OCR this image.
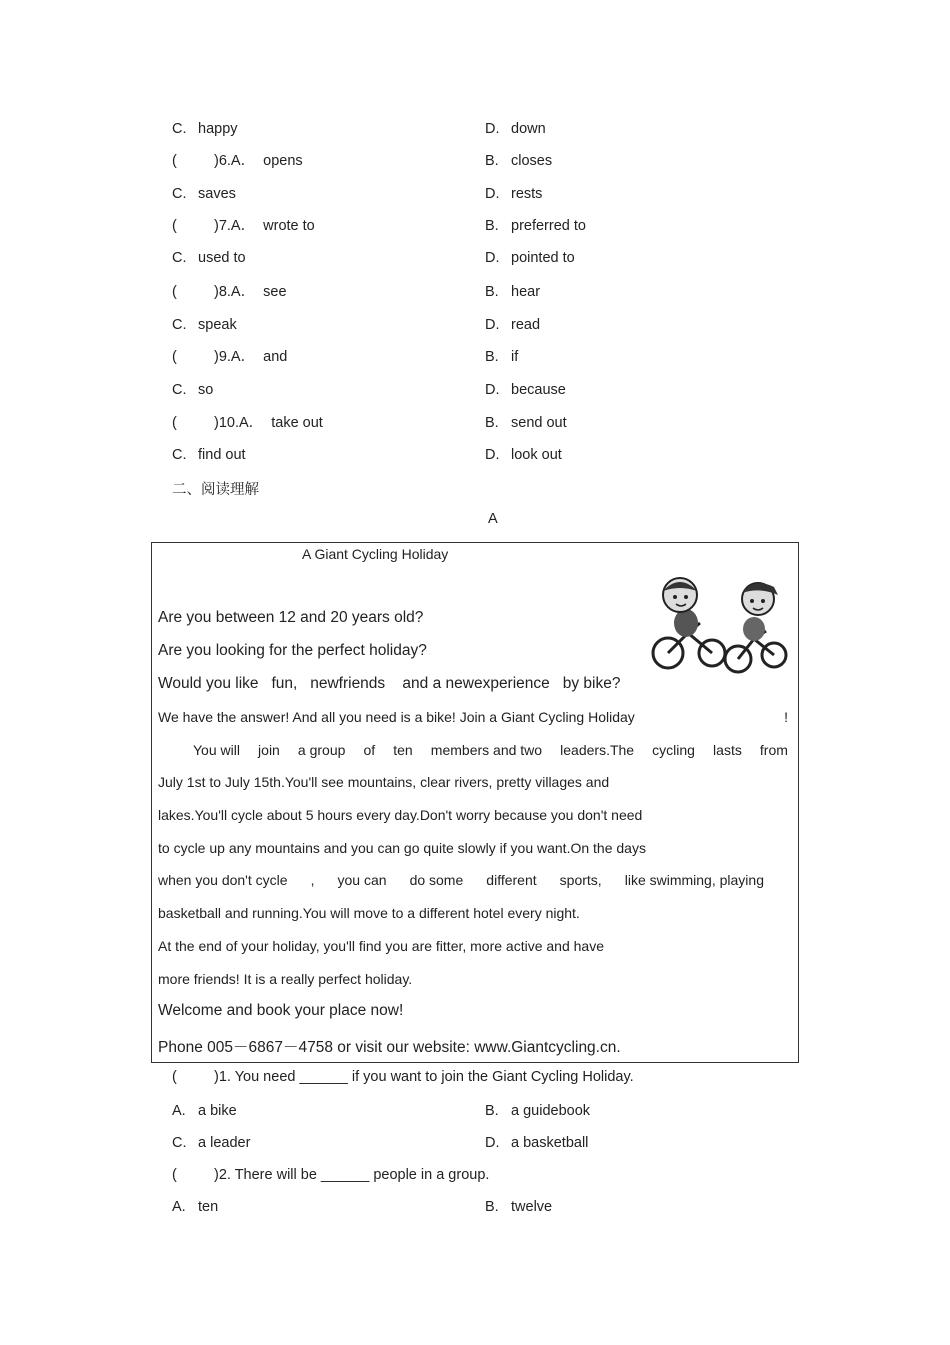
C. happy	D. down
(	)6.A． opens	B. closes
C. saves	D. rests
(	)7.A． wrote to	B. preferred to
C. used to	D. pointed to
(	)8.A． see	B. hear
C. speak	D. read
(	)9.A． and	B. if
C. so	D. because
(	)10.A． take out	B. send out
C. find out	D. look out
二、阅读理解
A
A Giant Cycling Holiday
Are you between 12 and 20 years old?
Are you looking for the perfect holiday?
Would you like fun, newfriends and a newexperience by bike?
We have the answer! And all you need is a bike! Join a Giant Cycling Holiday	!
You will join a group of ten members and two leaders.The cycling lasts from
July 1st to July 15th.You'll see mountains, clear rivers, pretty villages and
lakes.You'll cycle about 5 hours every day.Don't worry because you don't need
to cycle up any mountains and you can go quite slowly if you want.On the days
when you don't cycle , you can do some different sports, like swimming, playing
basketball and running.You will move to a different hotel every night.
At the end of your holiday, you'll find you are fitter, more active and have
more friends! It is a really perfect holiday.
Welcome and book your place now!
Phone 005－6867－4758 or visit our website: www.Giantcycling.cn.
(	)1. You need ______ if you want to join the Giant Cycling Holiday.
A. a bike	B. a guidebook
C. a leader	D. a basketball
(	)2. There will be ______ people in a group.
A. ten	B. twelve
